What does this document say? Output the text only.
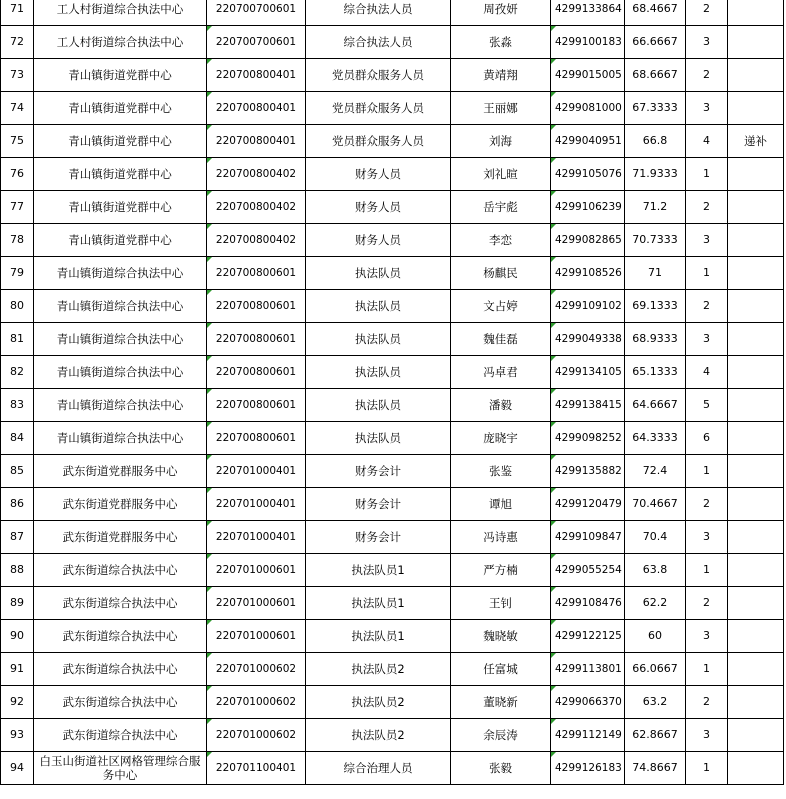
71	工人村街道综合执法中心	220700700601	综合执法人员	周孜妍	4299133864	68.4667	2	
72	工人村街道综合执法中心	220700700601	综合执法人员	张淼	4299100183	66.6667	3	
73	青山镇街道党群中心	220700800401	党员群众服务人员	黄靖翔	4299015005	68.6667	2	
74	青山镇街道党群中心	220700800401	党员群众服务人员	王丽娜	4299081000	67.3333	3	
75	青山镇街道党群中心	220700800401	党员群众服务人员	刘海	4299040951	66.8	4	递补
76	青山镇街道党群中心	220700800402	财务人员	刘礼暄	4299105076	71.9333	1	
77	青山镇街道党群中心	220700800402	财务人员	岳宇彪	4299106239	71.2	2	
78	青山镇街道党群中心	220700800402	财务人员	李恋	4299082865	70.7333	3	
79	青山镇街道综合执法中心	220700800601	执法队员	杨麒民	4299108526	71	1	
80	青山镇街道综合执法中心	220700800601	执法队员	文占婷	4299109102	69.1333	2	
81	青山镇街道综合执法中心	220700800601	执法队员	魏佳磊	4299049338	68.9333	3	
82	青山镇街道综合执法中心	220700800601	执法队员	冯卓君	4299134105	65.1333	4	
83	青山镇街道综合执法中心	220700800601	执法队员	潘毅	4299138415	64.6667	5	
84	青山镇街道综合执法中心	220700800601	执法队员	庞晓宇	4299098252	64.3333	6	
85	武东街道党群服务中心	220701000401	财务会计	张鉴	4299135882	72.4	1	
86	武东街道党群服务中心	220701000401	财务会计	谭旭	4299120479	70.4667	2	
87	武东街道党群服务中心	220701000401	财务会计	冯诗惠	4299109847	70.4	3	
88	武东街道综合执法中心	220701000601	执法队员1	严方楠	4299055254	63.8	1	
89	武东街道综合执法中心	220701000601	执法队员1	王钊	4299108476	62.2	2	
90	武东街道综合执法中心	220701000601	执法队员1	魏晓敏	4299122125	60	3	
91	武东街道综合执法中心	220701000602	执法队员2	任富城	4299113801	66.0667	1	
92	武东街道综合执法中心	220701000602	执法队员2	董晓新	4299066370	63.2	2	
93	武东街道综合执法中心	220701000602	执法队员2	余辰涛	4299112149	62.8667	3	
94	白玉山街道社区网格管理综合服务中心	220701100401	综合治理人员	张毅	4299126183	74.8667	1	
